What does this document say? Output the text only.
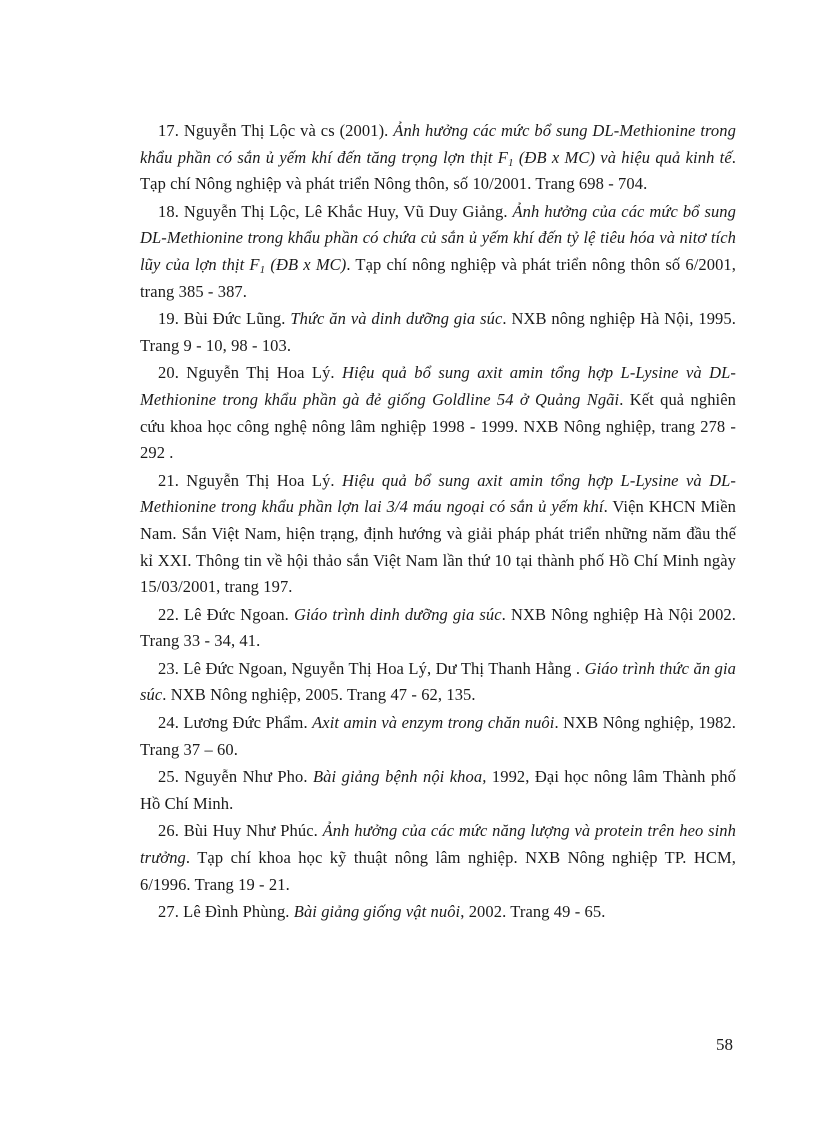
17. Nguyễn Thị Lộc và cs (2001). Ảnh hưởng các mức bổ sung DL-Methionine trong khẩu phần có sắn ủ yếm khí đến tăng trọng lợn thịt $F_1$ (ĐB x MC) và hiệu quả kinh tế. Tạp chí Nông nghiệp và phát triển Nông thôn, số 10/2001. Trang 698 - 704.
18. Nguyễn Thị Lộc, Lê Khắc Huy, Vũ Duy Giảng. Ảnh hưởng của các mức bổ sung DL-Methionine trong khẩu phần có chứa củ sắn ủ yếm khí đến tỷ lệ tiêu hóa và nitơ tích lũy của lợn thịt $F_1$ (ĐB x MC). Tạp chí nông nghiệp và phát triển nông thôn số 6/2001, trang 385 - 387.
19. Bùi Đức Lũng. Thức ăn và dinh dưỡng gia súc. NXB nông nghiệp Hà Nội, 1995. Trang 9 - 10, 98 - 103.
20. Nguyễn Thị Hoa Lý. Hiệu quả bổ sung axit amin tổng hợp L-Lysine và DL-Methionine trong khẩu phần gà đẻ giống Goldline 54 ở Quảng Ngãi. Kết quả nghiên cứu khoa học công nghệ nông lâm nghiệp 1998 - 1999. NXB Nông nghiệp, trang 278 - 292 .
21. Nguyễn Thị Hoa Lý. Hiệu quả bổ sung axit amin tổng hợp L-Lysine và DL-Methionine trong khẩu phần lợn lai 3/4 máu ngoại có sắn ủ yếm khí. Viện KHCN Miền Nam. Sắn Việt Nam, hiện trạng, định hướng và giải pháp phát triển những năm đầu thế kỉ XXI. Thông tin về hội thảo sắn Việt Nam lần thứ 10 tại thành phố Hồ Chí Minh ngày 15/03/2001, trang 197.
22. Lê Đức Ngoan. Giáo trình dinh dưỡng gia súc. NXB Nông nghiệp Hà Nội 2002. Trang 33 - 34, 41.
23. Lê Đức Ngoan, Nguyễn Thị Hoa Lý, Dư Thị Thanh Hằng . Giáo trình thức ăn gia súc. NXB Nông nghiệp, 2005. Trang 47 - 62, 135.
24. Lương Đức Phẩm. Axit amin và enzym trong chăn nuôi. NXB Nông nghiệp, 1982. Trang 37 – 60.
25. Nguyễn Như Pho. Bài giảng bệnh nội khoa, 1992, Đại học nông lâm Thành phố Hồ Chí Minh.
26. Bùi Huy Như Phúc. Ảnh hưởng của các mức năng lượng và protein trên heo sinh trưởng. Tạp chí khoa học kỹ thuật nông lâm nghiệp. NXB Nông nghiệp TP. HCM, 6/1996. Trang 19 - 21.
27. Lê Đình Phùng. Bài giảng giống vật nuôi, 2002. Trang 49 - 65.
58
